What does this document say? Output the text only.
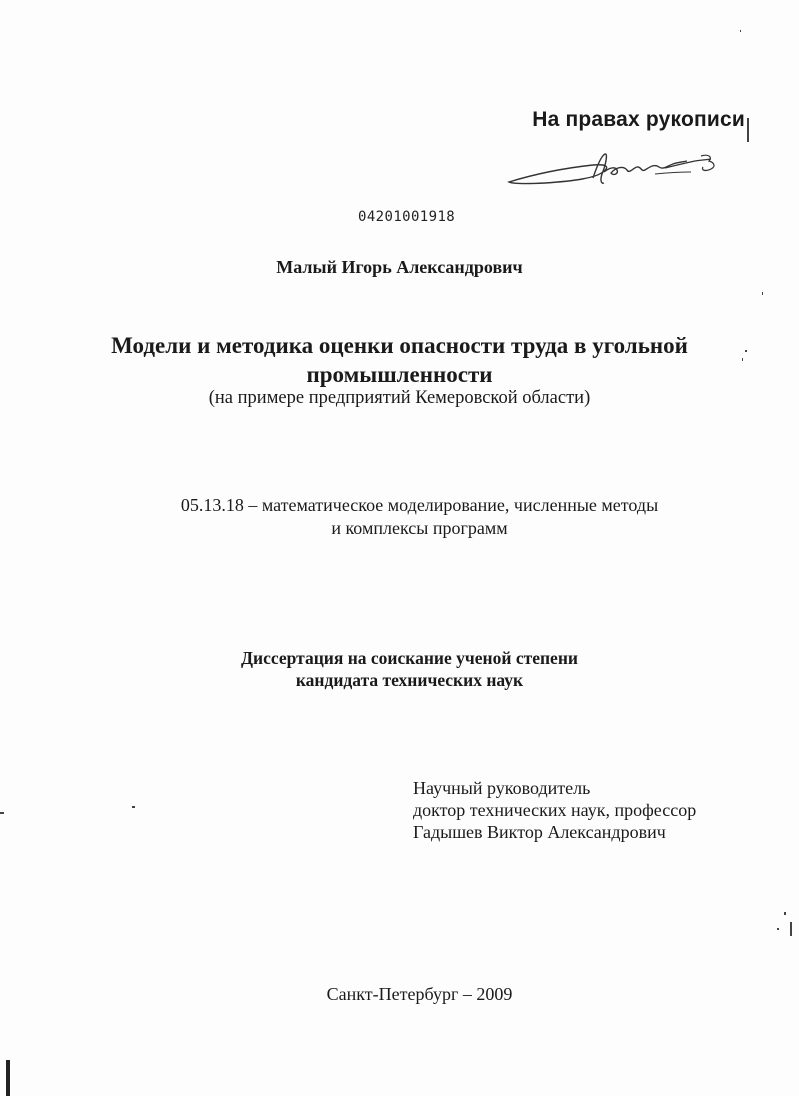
На правах рукописи

04201001918

Малый Игорь Александрович

Модели и методика оценки опасности труда в угольной
промышленности

(на примере предприятий Кемеровской области)

05.13.18 – математическое моделирование, численные методы
и комплексы программ
Диссертация на соискание ученой степени
кандидата технических наук
Научный руководитель
доктор технических наук, профессор
Гадышев Виктор Александрович

Санкт-Петербург – 2009
